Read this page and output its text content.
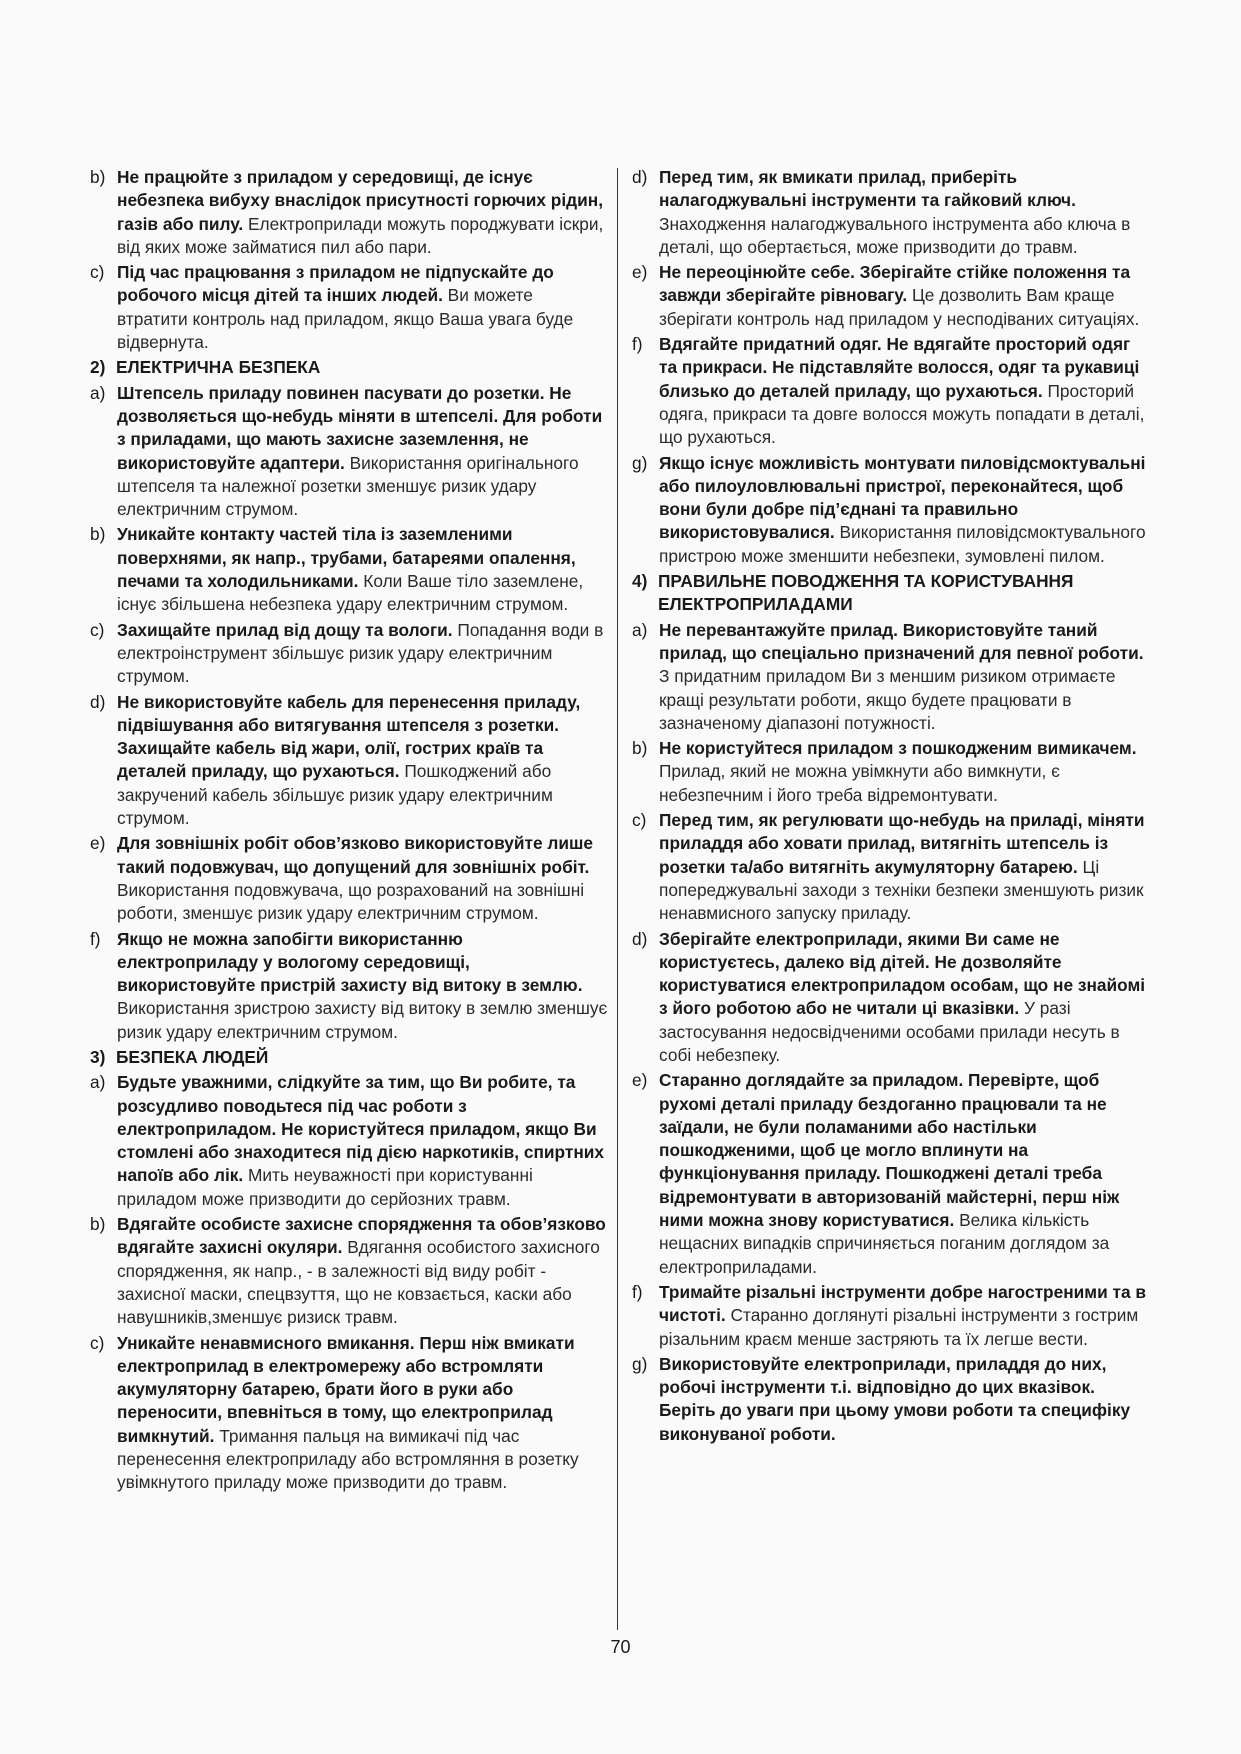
b) Не працюйте з приладом у середовищі, де існує небезпека вибуху внаслідок присутності горючих рідин, газів або пилу. Електроприлади можуть породжувати іскри, від яких може займатися пил або пари.
c) Під час працювання з приладом не підпускайте до робочого місця дітей та інших людей. Ви можете втратити контроль над приладом, якщо Ваша увага буде відвернута.
2) ЕЛЕКТРИЧНА БЕЗПЕКА
a) Штепсель приладу повинен пасувати до розетки. Не дозволяється що-небудь міняти в штепселі. Для роботи з приладами, що мають захисне заземлення, не використовуйте адаптери. Використання оригінального штепселя та належної розетки зменшує ризик удару електричним струмом.
b) Уникайте контакту частей тіла із заземленими поверхнями, як напр., трубами, батареями опалення, печами та холодильниками. Коли Ваше тіло заземлене, існує збільшена небезпека удару електричним струмом.
c) Захищайте прилад від дощу та вологи. Попадання води в електроінструмент збільшує ризик удару електричним струмом.
d) Не використовуйте кабель для перенесення приладу, підвішування або витягування штепселя з розетки. Захищайте кабель від жари, олії, гострих країв та деталей приладу, що рухаються. Пошкоджений або закручений кабель збільшує ризик удару електричним струмом.
e) Для зовнішніх робіт обов’язково використовуйте лише такий подовжувач, що допущений для зовнішніх робіт. Використання подовжувача, що розрахований на зовнішні роботи, зменшує ризик удару електричним струмом.
f) Якщо не можна запобігти використанню електроприладу у вологому середовищі, використовуйте пристрій захисту від витоку в землю. Використання зристрою захисту від витоку в землю зменшує ризик удару електричним струмом.
3) БЕЗПЕКА ЛЮДЕЙ
a) Будьте уважними, слідкуйте за тим, що Ви робите, та розсудливо поводьтеся під час роботи з електроприладом. Не користуйтеся приладом, якщо Ви стомлені або знаходитеся під дією наркотиків, спиртних напоїв або лік. Мить неуважності при користуванні приладом може призводити до серйозних травм.
b) Вдягайте особисте захисне спорядження та обов’язково вдягайте захисні окуляри. Вдягання особистого захисного спорядження, як напр., - в залежності від виду робіт - захисної маски, спецвзуття, що не ковзається, каски або навушників,зменшує ризиск травм.
c) Уникайте ненавмисного вмикання. Перш ніж вмикати електроприлад в електромережу або встромляти акумуляторну батарею, брати його в руки або переносити, впевніться в тому, що електроприлад вимкнутий. Тримання пальця на вимикачі під час перенесення електроприладу або встромляння в розетку увімкнутого приладу може призводити до травм.
d) Перед тим, як вмикати прилад, приберіть налагоджувальні інструменти та гайковий ключ. Знаходження налагоджувального інструмента або ключа в деталі, що обертається, може призводити до травм.
e) Не переоцінюйте себе. Зберігайте стійке положення та завжди зберігайте рівновагу. Це дозволить Вам краще зберігати контроль над приладом у несподіваних ситуаціях.
f) Вдягайте придатний одяг. Не вдягайте просторий одяг та прикраси. Не підставляйте волосся, одяг та рукавиці близько до деталей приладу, що рухаються. Просторий одяга, прикраси та довге волосся можуть попадати в деталі, що рухаються.
g) Якщо існує можливість монтувати пиловідсмоктувальні або пилоуловлювальні пристрої, переконайтеся, щоб вони були добре під’єднані та правильно використовувалися. Використання пиловідсмоктувального пристрою може зменшити небезпеки, зумовлені пилом.
4) ПРАВИЛЬНЕ ПОВОДЖЕННЯ ТА КОРИСТУВАННЯ ЕЛЕКТРОПРИЛАДАМИ
a) Не перевантажуйте прилад. Використовуйте таний прилад, що спеціально призначений для певної роботи. З придатним приладом Ви з меншим ризиком отримаєте кращі результати роботи, якщо будете працювати в зазначеному діапазоні потужності.
b) Не користуйтеся приладом з пошкодженим вимикачем. Прилад, який не можна увімкнути або вимкнути, є небезпечним і його треба відремонтувати.
c) Перед тим, як регулювати що-небудь на приладі, міняти приладдя або ховати прилад, витягніть штепсель із розетки та/або витягніть акумуляторну батарею. Ці попереджувальні заходи з техніки безпеки зменшують ризик ненавмисного запуску приладу.
d) Зберігайте електроприлади, якими Ви саме не користуєтесь, далеко від дітей. Не дозволяйте користуватися електроприладом особам, що не знайомі з його роботою або не читали ці вказівки. У разі застосування недосвідченими особами прилади несуть в собі небезпеку.
e) Старанно доглядайте за приладом. Перевірте, щоб рухомі деталі приладу бездоганно працювали та не заїдали, не були поламаними або настільки пошкодженими, щоб це могло вплинути на функціонування приладу. Пошкоджені деталі треба відремонтувати в авторизованій майстерні, перш ніж ними можна знову користуватися. Велика кількість нещасних випадків спричиняється поганим доглядом за електроприладами.
f) Тримайте різальні інструменти добре нагостреними та в чистоті. Старанно доглянуті різальні інструменти з гострим різальним краєм менше застряють та їх легше вести.
g) Використовуйте електроприлади, приладдя до них, робочі інструменти т.і. відповідно до цих вказівок. Беріть до уваги при цьому умови роботи та специфіку виконуваної роботи.
70
